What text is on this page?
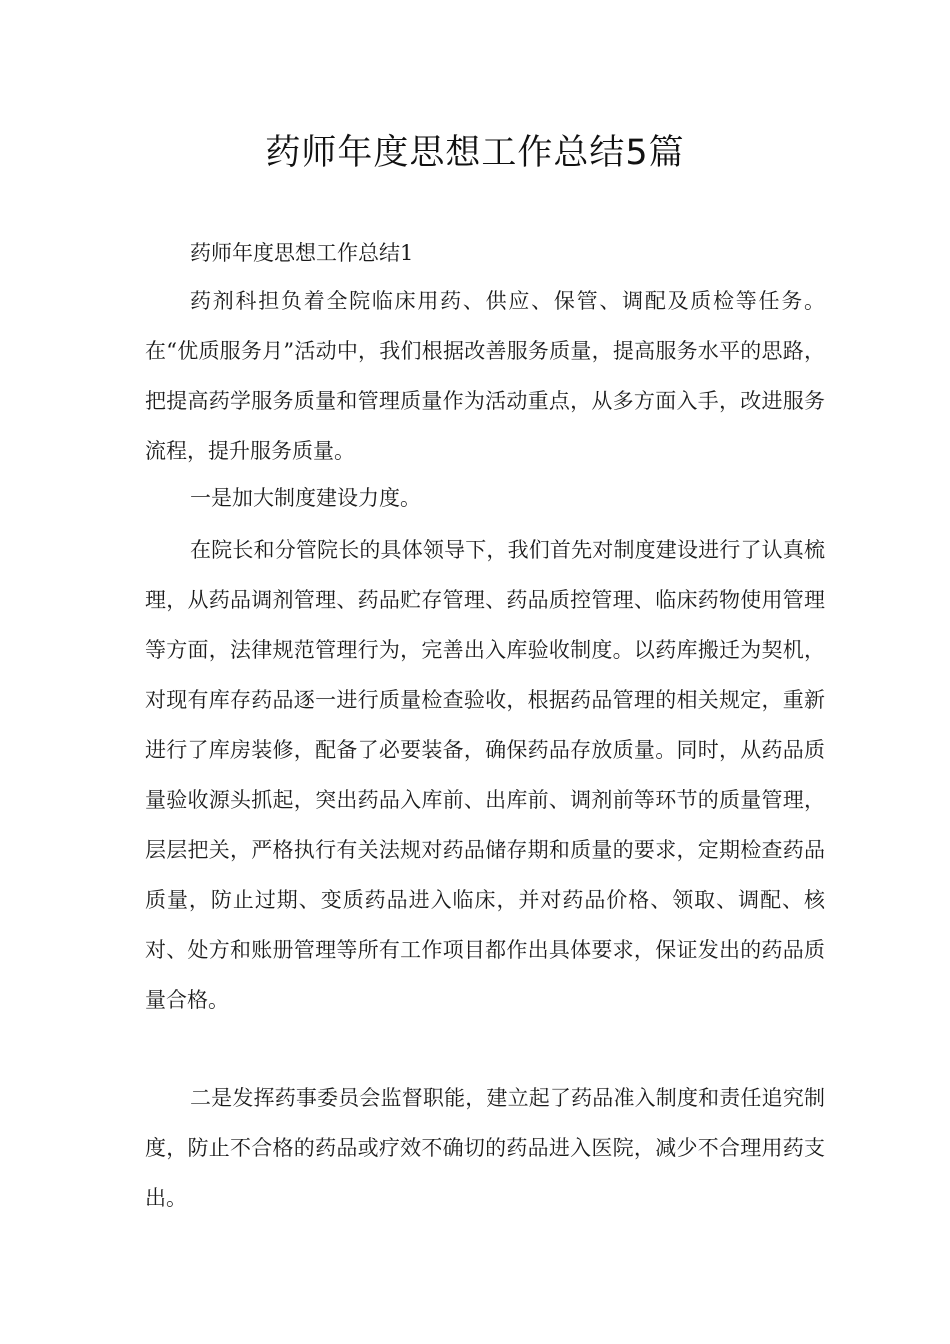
药师年度思想工作总结5篇

药师年度思想工作总结1

药剂科担负着全院临床用药、供应、保管、调配及质检等任务。在“优质服务月”活动中，我们根据改善服务质量，提高服务水平的思路，把提高药学服务质量和管理质量作为活动重点，从多方面入手，改进服务流程，提升服务质量。

一是加大制度建设力度。

在院长和分管院长的具体领导下，我们首先对制度建设进行了认真梳理，从药品调剂管理、药品贮存管理、药品质控管理、临床药物使用管理等方面，法律规范管理行为，完善出入库验收制度。以药库搬迁为契机，对现有库存药品逐一进行质量检查验收，根据药品管理的相关规定，重新进行了库房装修，配备了必要装备，确保药品存放质量。同时，从药品质量验收源头抓起，突出药品入库前、出库前、调剂前等环节的质量管理，层层把关，严格执行有关法规对药品储存期和质量的要求，定期检查药品质量，防止过期、变质药品进入临床，并对药品价格、领取、调配、核对、处方和账册管理等所有工作项目都作出具体要求，保证发出的药品质量合格。

二是发挥药事委员会监督职能，建立起了药品准入制度和责任追究制度，防止不合格的药品或疗效不确切的药品进入医院，减少不合理用药支出。
